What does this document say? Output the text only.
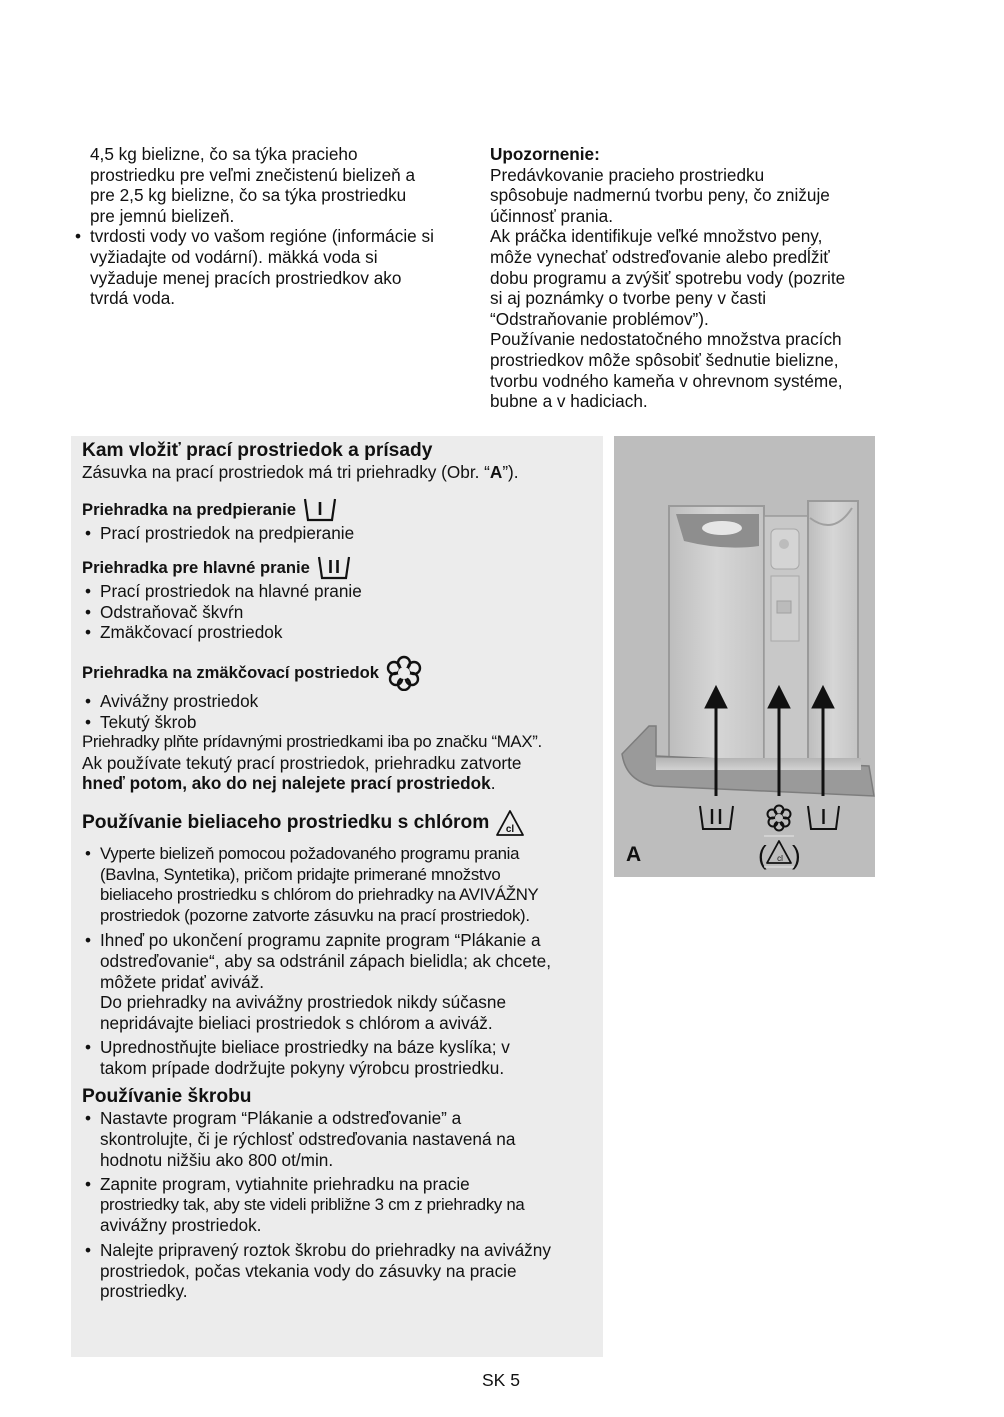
4,5 kg bielizne, čo sa týka pracieho

prostriedku pre veľmi znečistenú bielizeň a

pre 2,5 kg bielizne, čo sa týka prostriedku

pre jemnú bielizeň.

• tvrdosti vody vo vašom regióne (informácie si

vyžiadajte od vodární). mäkká voda si

vyžaduje menej pracích prostriedkov ako

tvrdá voda.

Upozornenie:

Predávkovanie pracieho prostriedku

spôsobuje nadmernú tvorbu peny, čo znižuje

účinnosť prania.

Ak práčka identifikuje veľké množstvo peny,

môže vynechať odstreďovanie alebo predĺžiť

dobu programu a zvýšiť spotrebu vody (pozrite

si aj poznámky o tvorbe peny v časti

“Odstraňovanie problémov”).

Používanie nedostatočného množstva pracích

prostriedkov môže spôsobiť šednutie bielizne,

tvorbu vodného kameňa v ohrevnom systéme,

bubne a v hadiciach.

Kam vložiť prací prostriedok a prísady

Zásuvka na prací prostriedok má tri priehradky (Obr. “A”).

Priehradka na predpieranie
• Prací prostriedok na predpieranie
Priehradka pre hlavné pranie
• Prací prostriedok na hlavné pranie
• Odstraňovač škvŕn
• Zmäkčovací prostriedok
Priehradka na zmäkčovací postriedok
• Avivážny prostriedok
• Tekutý škrob

Priehradky plňte prídavnými prostriedkami iba po značku “MAX”.

Ak používate tekutý prací prostriedok, priehradku zatvorte

hneď potom, ako do nej nalejete prací prostriedok.

Používanie bieliaceho prostriedku s chlórom cl

• Vyperte bielizeň pomocou požadovaného programu prania

(Bavlna, Syntetika), pričom pridajte primerané množstvo

bieliaceho prostriedku s chlórom do priehradky na AVIVÁŽNY

prostriedok (pozorne zatvorte zásuvku na prací prostriedok).

• Ihneď po ukončení programu zapnite program “Plákanie a

odstreďovanie“, aby sa odstránil zápach bielidla; ak chcete,

môžete pridať aviváž.

Do priehradky na avivážny prostriedok nikdy súčasne

nepridávajte bieliaci prostriedok s chlórom a aviváž.

• Uprednostňujte bieliace prostriedky na báze kyslíka; v

takom prípade dodržujte pokyny výrobcu prostriedku.

Používanie škrobu

• Nastavte program “Plákanie a odstreďovanie” a

skontrolujte, či je rýchlosť odstreďovania nastavená na

hodnotu nižšiu ako 800 ot/min.

• Zapnite program, vytiahnite priehradku na pracie

prostriedky tak, aby ste videli približne 3 cm z priehradky na

avivážny prostriedok.

• Nalejte pripravený roztok škrobu do priehradky na avivážny

prostriedok, počas vtekania vody do zásuvky na pracie

prostriedky.

( cl )
A
SK 5
